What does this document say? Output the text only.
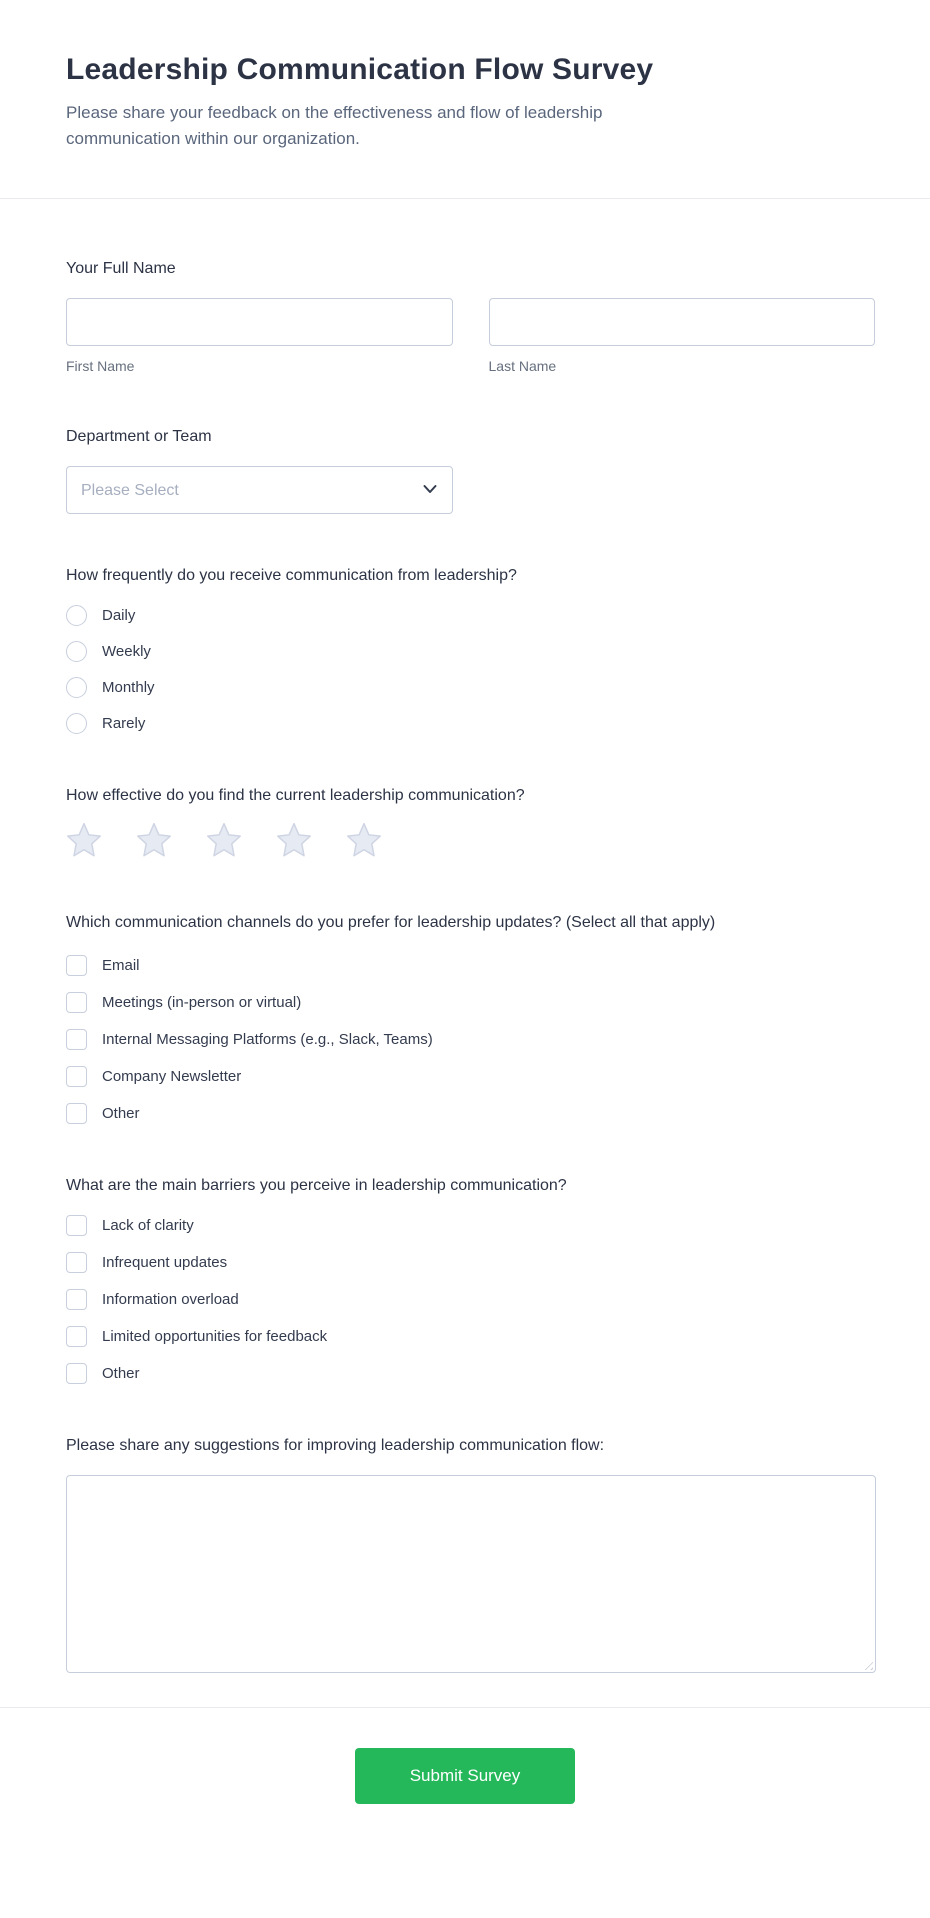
Leadership Communication Flow Survey

Please share your feedback on the effectiveness and flow of leadership communication within our organization.

Your Full Name
First Name	Last Name
Department or Team
Please Select
How frequently do you receive communication from leadership?
Daily
Weekly
Monthly
Rarely
How effective do you find the current leadership communication?
Which communication channels do you prefer for leadership updates? (Select all that apply)
Email
Meetings (in-person or virtual)
Internal Messaging Platforms (e.g., Slack, Teams)
Company Newsletter
Other
What are the main barriers you perceive in leadership communication?
Lack of clarity
Infrequent updates
Information overload
Limited opportunities for feedback
Other
Please share any suggestions for improving leadership communication flow:
Submit Survey
